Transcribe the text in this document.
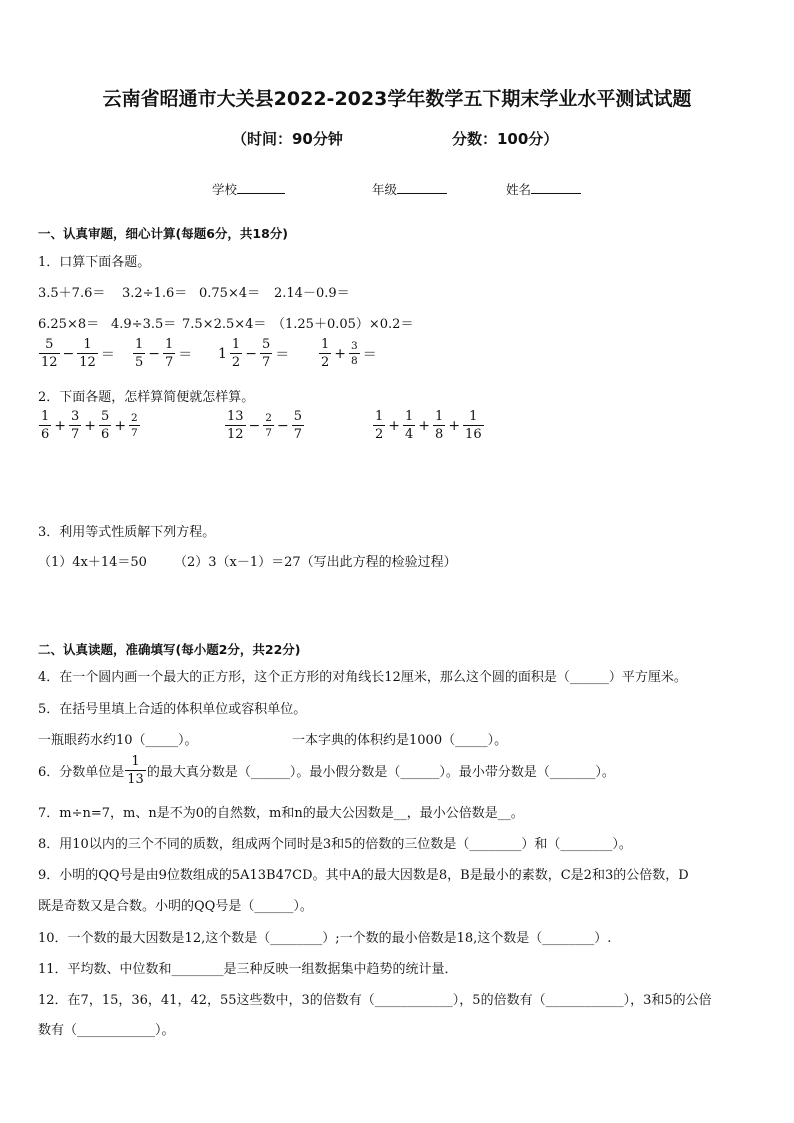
云南省昭通市大关县2022-2023学年数学五下期末学业水平测试试题
（时间：90分钟	分数：100分）
学校	年级	姓名
一、认真审题，细心计算(每题6分，共18分)
1．口算下面各题。
3.5＋7.6＝ 3.2÷1.6＝ 0.75×4＝ 2.14－0.9＝
6.25×8＝ 4.9÷3.5＝ 7.5×2.5×4＝ （1.25＋0.05）×0.2＝
$\frac{5}{12} - \frac{1}{12} = \frac{1}{5} - \frac{1}{7} = 1 \frac{1}{2} - \frac{5}{7} = \frac{1}{2} + \frac{3}{8}$ ＝
2．下面各题，怎样算简便就怎样算。
$\frac{1}{6} + \frac{3}{7} + \frac{5}{6} + \frac{2}{7}$	$\frac{13}{12} - \frac{2}{7} - \frac{5}{7}$	$\frac{1}{2} + \frac{1}{4} + \frac{1}{8} + \frac{1}{16}$
3．利用等式性质解下列方程。
（1）4x＋14＝50 （2）3（x－1）＝27（写出此方程的检验过程）
二、认真读题，准确填写(每小题2分，共22分)
4．在一个圆内画一个最大的正方形，这个正方形的对角线长12厘米，那么这个圆的面积是（______）平方厘米。
5．在括号里填上合适的体积单位或容积单位。
一瓶眼药水约10（_____）。	一本字典的体积约是1000（_____）。
6．分数单位是 $\frac{1}{13}$ 的最大真分数是（______）。最小假分数是（______）。最小带分数是（_______）。
7．m÷n=7，m、n是不为0的自然数，m和n的最大公因数是__，最小公倍数是__。
8．用10以内的三个不同的质数，组成两个同时是3和5的倍数的三位数是（________）和（________）。
9．小明的QQ号是由9位数组成的5A13B47CD。其中A的最大因数是8，B是最小的素数，C是2和3的公倍数，D
既是奇数又是合数。小明的QQ号是（______）。
10．一个数的最大因数是12,这个数是（________）;一个数的最小倍数是18,这个数是（________）.
11．平均数、中位数和________是三种反映一组数据集中趋势的统计量．
12．在7，15，36，41，42，55这些数中，3的倍数有（____________），5的倍数有（____________），3和5的公倍
数有（____________）。
